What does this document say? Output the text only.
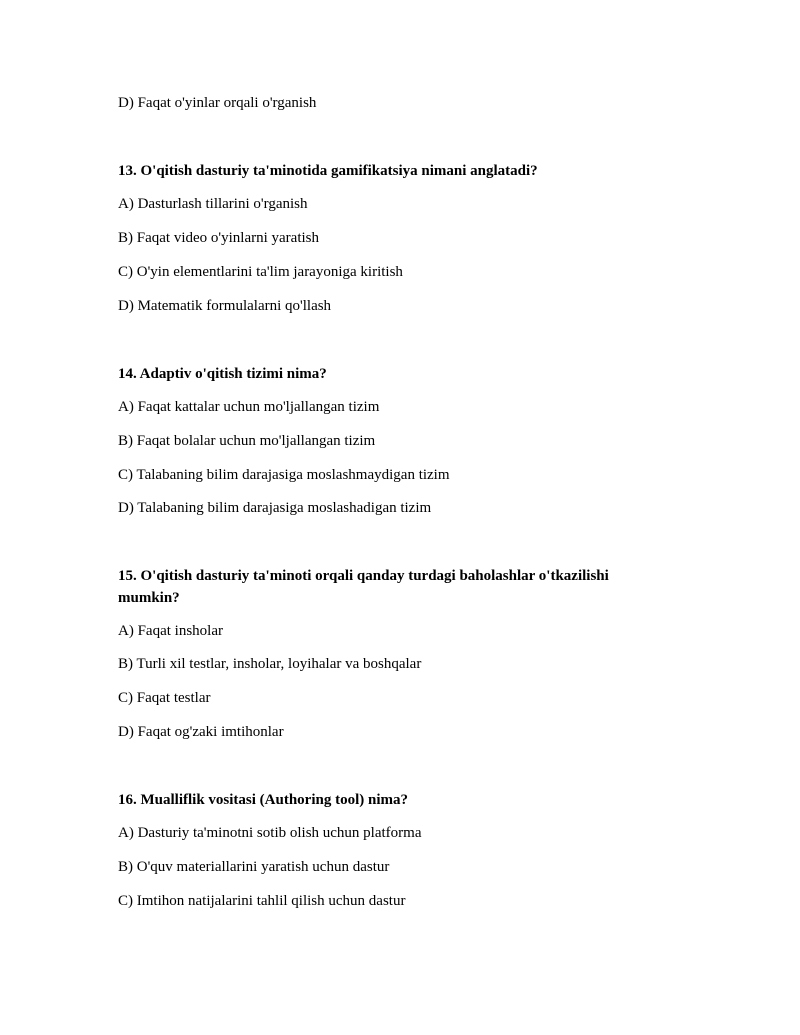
D) Faqat o'yinlar orqali o'rganish
13. O'qitish dasturiy ta'minotida gamifikatsiya nimani anglatadi?
A) Dasturlash tillarini o'rganish
B) Faqat video o'yinlarni yaratish
C) O'yin elementlarini ta'lim jarayoniga kiritish
D) Matematik formulalarni qo'llash
14. Adaptiv o'qitish tizimi nima?
A) Faqat kattalar uchun mo'ljallangan tizim
B) Faqat bolalar uchun mo'ljallangan tizim
C) Talabaning bilim darajasiga moslashmaydigan tizim
D) Talabaning bilim darajasiga moslashadigan tizim
15. O'qitish dasturiy ta'minoti orqali qanday turdagi baholashlar o'tkazilishi mumkin?
A) Faqat insholar
B) Turli xil testlar, insholar, loyihalar va boshqalar
C) Faqat testlar
D) Faqat og'zaki imtihonlar
16. Mualliflik vositasi (Authoring tool) nima?
A) Dasturiy ta'minotni sotib olish uchun platforma
B) O'quv materiallarini yaratish uchun dastur
C) Imtihon natijalarini tahlil qilish uchun dastur
